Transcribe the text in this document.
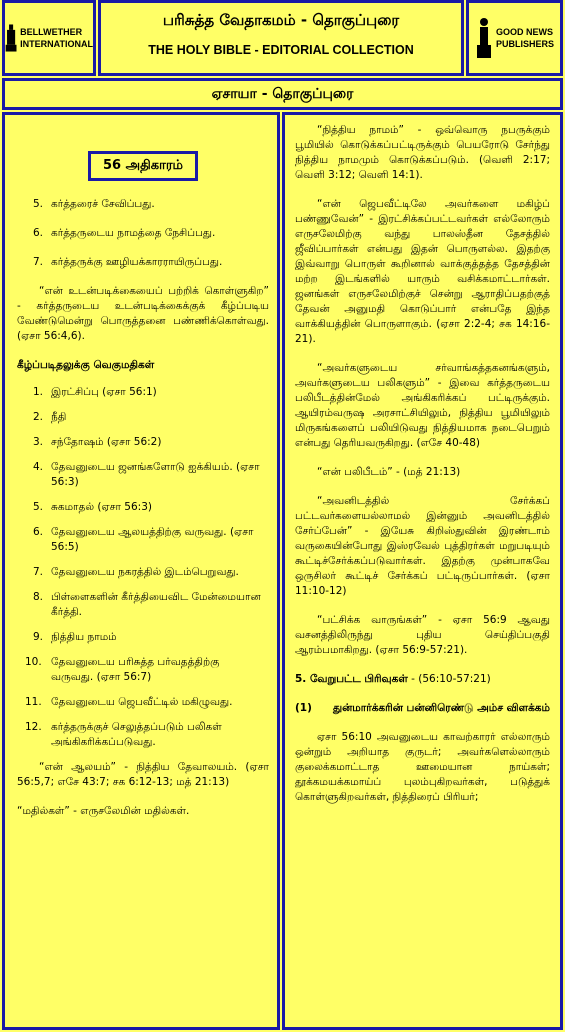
BELLWETHER
INTERNATIONAL
பரிசுத்த வேதாகமம் - தொகுப்புரை
THE HOLY BIBLE - EDITORIAL COLLECTION
GOOD NEWS
PUBLISHERS
ஏசாயா - தொகுப்புரை
56 அதிகாரம்
5. கர்த்தரைச் சேவிப்பது.
6. கர்த்தருடைய நாமத்தை நேசிப்பது.
7. கர்த்தருக்கு ஊழியக்காரராயிருப்பது.

“என் உடன்படிக்கையைப் பற்றிக் கொள்ளுகிற” - கர்த்தருடைய உடன்படிக்கைக்குக் கீழ்ப்படிய வேண்டுமென்று பொருத்தனை பண்ணிக்கொள்வது. (ஏசா 56:4,6).

கீழ்ப்படிதலுக்கு வெகுமதிகள்
1. இரட்சிப்பு (ஏசா 56:1)
2. நீதி
3. சந்தோஷம் (ஏசா 56:2)
4. தேவனுடைய ஜனங்களோடு ஐக்கியம். (ஏசா 56:3)
5. சுகமாதல் (ஏசா 56:3)
6. தேவனுடைய ஆலயத்திற்கு வருவது. (ஏசா 56:5)
7. தேவனுடைய நகரத்தில் இடம்பெறுவது.
8. பிள்ளைகளின் கீர்த்தியைவிட மேன்மையான கீர்த்தி.
9. நித்திய நாமம்
10. தேவனுடைய பரிசுத்த பர்வதத்திற்கு வருவது. (ஏசா 56:7)
11. தேவனுடைய ஜெபவீட்டில் மகிழுவது.
12. கர்த்தருக்குச் செலுத்தப்படும் பலிகள் அங்கிகரிக்கப்படுவது.

“என் ஆலயம்” - நித்திய தேவாலயம். (ஏசா 56:5,7; எசே 43:7; சக 6:12-13; மத் 21:13)

“மதில்கள்” - எருசலேமின் மதில்கள்.

“நித்திய நாமம்” - ஒவ்வொரு நபருக்கும் பூமியில் கொடுக்கப்பட்டிருக்கும் பெயரோடு சேர்ந்து நித்திய நாமமும் கொடுக்கப்படும். (வெளி 2:17; வெளி 3:12; வெளி 14:1).

“என் ஜெபவீட்டிலே அவர்களை மகிழ்ப் பண்ணுவேன்” - இரட்சிக்கப்பட்டவர்கள் எல்லோரும் எருசலேமிற்கு வந்து பாலஸ்தீன தேசத்தில் ஜீவிப்பார்கள் என்பது இதன் பொருளல்ல. இதற்கு இவ்வாறு பொருள் கூறினால் வாக்குத்தத்த தேசத்தின் மற்ற இடங்களில் யாரும் வசிக்கமாட்டார்கள். ஜனங்கள் எருசலேமிற்குச் சென்று ஆராதிப்பதற்குத் தேவன் அனுமதி கொடுப்பார் என்பதே இந்த வாக்கியத்தின் பொருளாகும். (ஏசா 2:2-4; சக 14:16-21).

“அவர்களுடைய சர்வாங்கத்தகனங்களும், அவர்களுடைய பலிகளும்” - இவை கர்த்தருடைய பலிபீடத்தின்மேல் அங்கிகரிக்கப் பட்டிருக்கும். ஆயிரம்வருஷ அரசாட்சியிலும், நித்திய பூமியிலும் மிருகங்களைப் பலியிடுவது நித்தியமாக நடைபெறும் என்பது தெரியவருகிறது. (எசே 40-48)

“என் பலிபீடம்” - (மத் 21:13)

“அவனிடத்தில் சேர்க்கப் பட்டவர்களையல்லாமல் இன்னும் அவனிடத்தில் சேர்ப்பேன்” - இயேசு கிறிஸ்துவின் இரண்டாம் வருகையின்போது இஸ்ரவேல் புத்திரர்கள் மறுபடியும் கூட்டிச்சேர்க்கப்படுவார்கள். இதற்கு முன்பாகவே ஒருசிலர் கூட்டிச் சேர்க்கப் பட்டிருப்பார்கள். (ஏசா 11:10-12)

“பட்சிக்க வாருங்கள்” - ஏசா 56:9 ஆவது வசனத்திலிருந்து புதிய செய்திப்பகுதி ஆரம்பமாகிறது. (ஏசா 56:9-57:21).

5. வேறுபட்ட பிரிவுகள் - (56:10-57:21)
(1)	துன்மார்க்கரின் பன்னிரெண்டு அம்ச விளக்கம்

ஏசா 56:10 அவனுடைய காவற்காரர் எல்லாரும் ஒன்றும் அறியாத குருடர்; அவர்களெல்லாரும் குலைக்கமாட்டாத ஊமையான நாய்கள்; தூக்கமயக்கமாய்ப் புலம்புகிறவர்கள், படுத்துக் கொள்ளுகிறவர்கள், நித்திரைப் பிரியர்;
